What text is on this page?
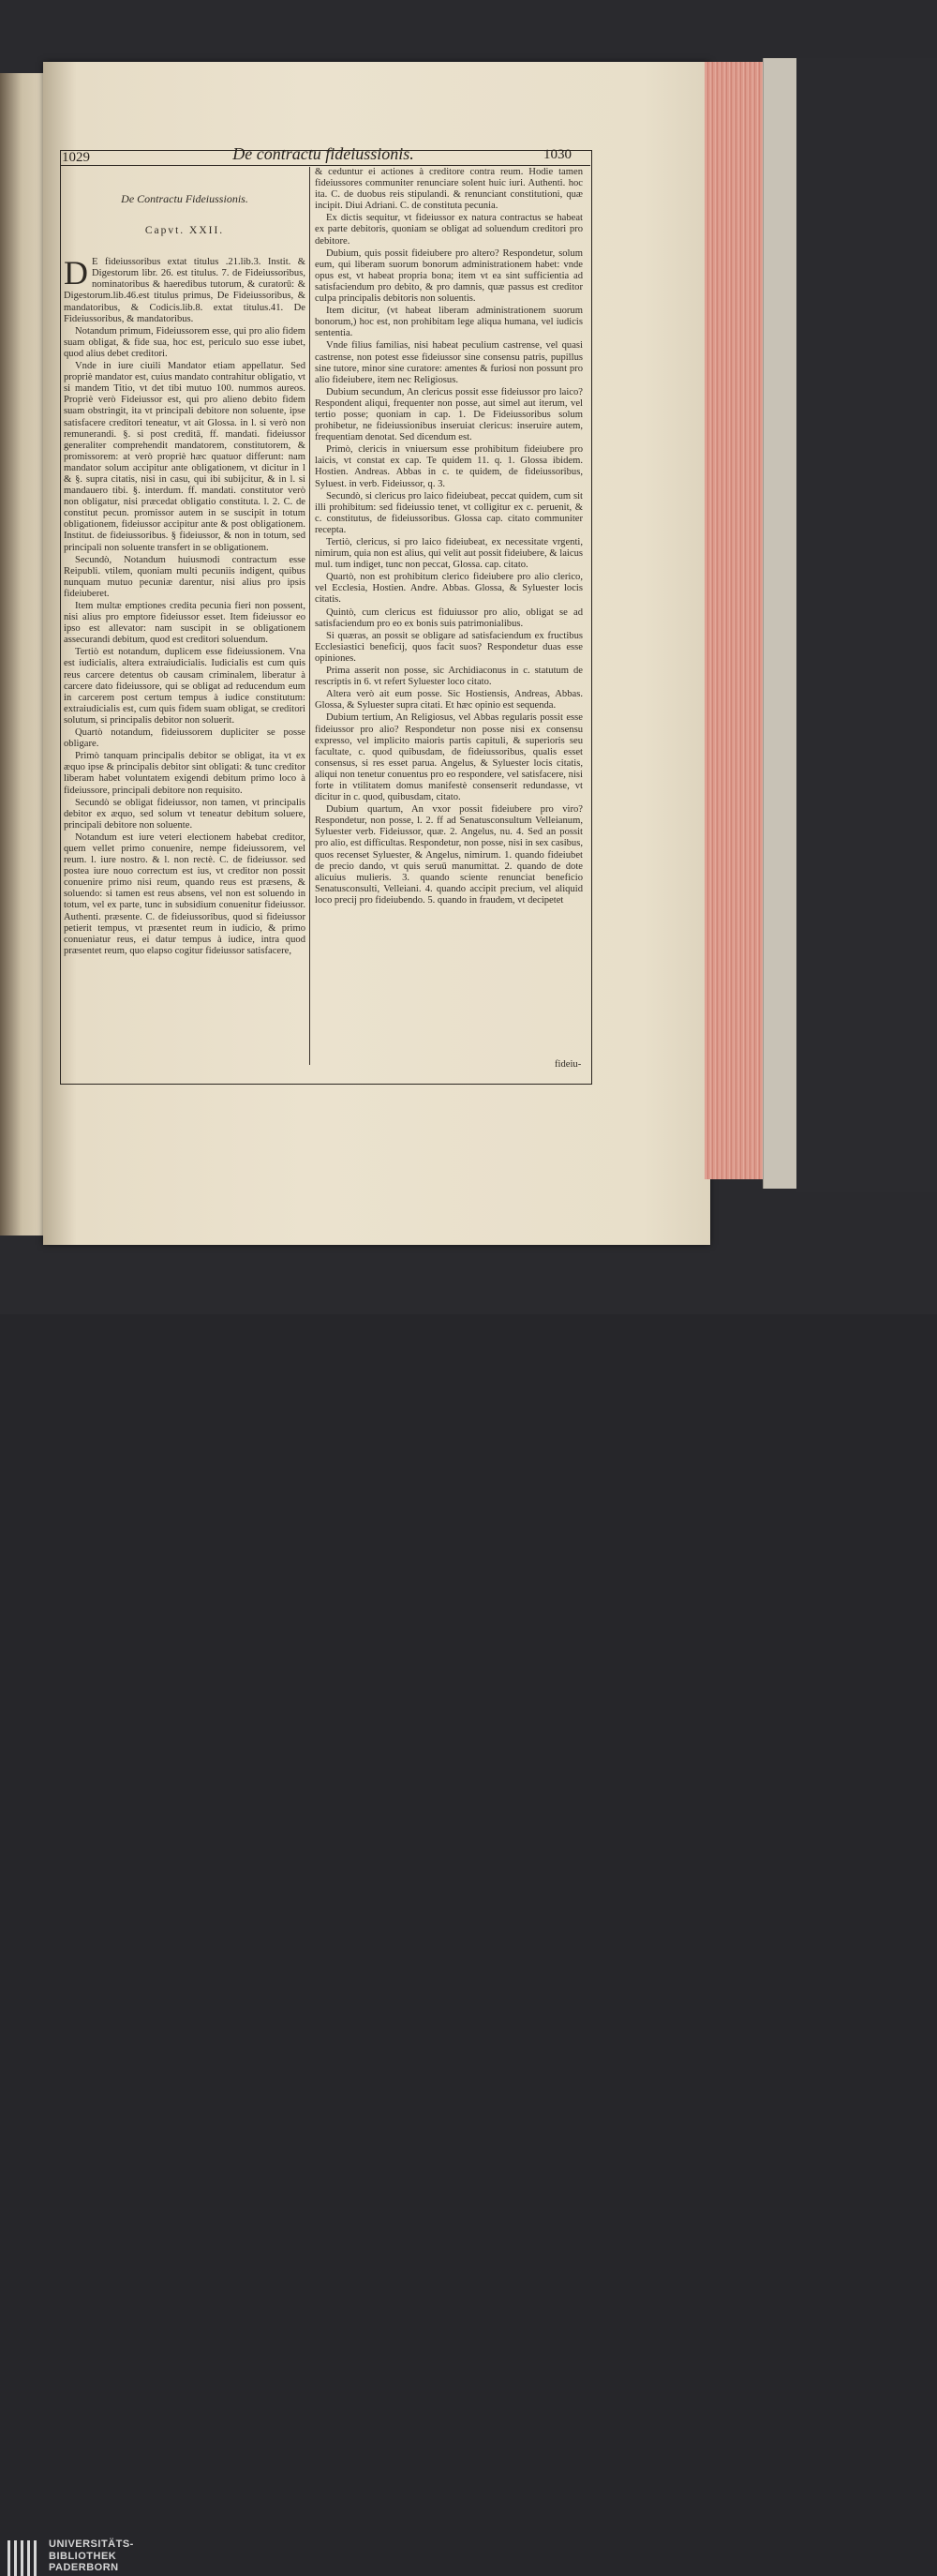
1029	De contractu fideiussionis.	1030
De Contractu Fideiussionis.
Capvt. XXII.

D E fideiussoribus extat titulus .21.lib.3. Instit. & Digestorum libr. 26. est titulus. 7. de Fideiussoribus, nominatoribus & haeredibus tutorum, & curatorū: & Digestorum.lib.46.est titulus primus, De Fideiussoribus, & mandatoribus, & Codicis.lib.8. extat titulus.41. De Fideiussoribus, & mandatoribus.

Notandum primum, Fideiussorem esse, qui pro alio fidem suam obligat, & fide sua, hoc est, periculo suo esse iubet, quod alius debet creditori.

Vnde in iure ciuili Mandator etiam appellatur. Sed propriè mandator est, cuius mandato contrahitur obligatio, vt si mandem Titio, vt det tibi mutuo 100. nummos aureos. Propriè verò Fideiussor est, qui pro alieno debito fidem suam obstringit, ita vt principali debitore non soluente, ipse satisfacere creditori teneatur, vt ait Glossa. in l. si verò non remunerandi. §. si post creditā, ff. mandati. fideiussor generaliter comprehendit mandatorem, constitutorem, & promissorem: at verò propriè hæc quatuor differunt: nam mandator solum accipitur ante obligationem, vt dicitur in l & §. supra citatis, nisi in casu, qui ibi subijcitur, & in l. si mandauero tibi. §. interdum. ff. mandati. constitutor verò non obligatur, nisi præcedat obligatio constituta. l. 2. C. de constitut pecun. promissor autem in se suscipit in totum obligationem, fideiussor accipitur ante & post obligationem. Institut. de fideiussoribus. § fideiussor, & non in totum, sed principali non soluente transfert in se obligationem.

Secundò, Notandum huiusmodi contractum esse Reipubli. vtilem, quoniam multi pecuniis indigent, quibus nunquam mutuo pecuniæ darentur, nisi alius pro ipsis fideiuberet.

Item multæ emptiones credita pecunia fieri non possent, nisi alius pro emptore fideiussor esset. Item fideiussor eo ipso est allevator: nam suscipit in se obligationem assecurandi debitum, quod est creditori soluendum.

Tertiò est notandum, duplicem esse fideiussionem. Vna est iudicialis, altera extraiudicialis. Iudicialis est cum quis reus carcere detentus ob causam criminalem, liberatur à carcere dato fideiussore, qui se obligat ad reducendum eum in carcerem post certum tempus à iudice constitutum: extraiudicialis est, cum quis fidem suam obligat, se creditori solutum, si principalis debitor non soluerit.

Quartò notandum, fideiussorem dupliciter se posse obligare.

Primò tanquam principalis debitor se obligat, ita vt ex æquo ipse & principalis debitor sint obligati: & tunc creditor liberam habet voluntatem exigendi debitum primo loco à fideiussore, principali debitore non requisito.

Secundò se obligat fideiussor, non tamen, vt principalis debitor ex æquo, sed solum vt teneatur debitum soluere, principali debitore non soluente.

Notandum est iure veteri electionem habebat creditor, quem vellet primo conuenire, nempe fideiussorem, vel reum. l. iure nostro. & l. non rectè. C. de fideiussor. sed postea iure nouo correctum est ius, vt creditor non possit conuenire primo nisi reum, quando reus est præsens, & soluendo: si tamen est reus absens, vel non est soluendo in totum, vel ex parte, tunc in subsidium conuenitur fideiussor. Authenti. præsente. C. de fideiussoribus, quod si fideiussor petierit tempus, vt præsentet reum in iudicio, & primo conueniatur reus, ei datur tempus à iudice, intra quod præsentet reum, quo elapso cogitur fideiussor satisfacere,

& ceduntur ei actiones à creditore contra reum. Hodie tamen fideiussores communiter renunciare solent huic iuri. Authenti. hoc ita. C. de duobus reis stipulandi. & renunciant constitutioni, quæ incipit. Diui Adriani. C. de constituta pecunia.

Ex dictis sequitur, vt fideiussor ex natura contractus se habeat ex parte debitoris, quoniam se obligat ad soluendum creditori pro debitore.

Dubium, quis possit fideiubere pro altero? Respondetur, solum eum, qui liberam suorum bonorum administrationem habet: vnde opus est, vt habeat propria bona; item vt ea sint sufficientia ad satisfaciendum pro debito, & pro damnis, quæ passus est creditor culpa principalis debitoris non soluentis.

Item dicitur, (vt habeat liberam administrationem suorum bonorum,) hoc est, non prohibitam lege aliqua humana, vel iudicis sententia.

Vnde filius familias, nisi habeat peculium castrense, vel quasi castrense, non potest esse fideiussor sine consensu patris, pupillus sine tutore, minor sine curatore: amentes & furiosi non possunt pro alio fideiubere, item nec Religiosus.

Dubium secundum, An clericus possit esse fideiussor pro laico? Respondent aliqui, frequenter non posse, aut simel aut iterum, vel tertio posse; quoniam in cap. 1. De Fideiussoribus solum prohibetur, ne fideiussionibus inseruiat clericus: inseruire autem, frequentiam denotat. Sed dicendum est.

Primò, clericis in vniuersum esse prohibitum fideiubere pro laicis, vt constat ex cap. Te quidem 11. q. 1. Glossa ibidem. Hostien. Andreas. Abbas in c. te quidem, de fideiussoribus, Syluest. in verb. Fideiussor, q. 3.

Secundò, si clericus pro laico fideiubeat, peccat quidem, cum sit illi prohibitum: sed fideiussio tenet, vt colligitur ex c. peruenit, & c. constitutus, de fideiussoribus. Glossa cap. citato communiter recepta.

Tertiò, clericus, si pro laico fideiubeat, ex necessitate vrgenti, nimirum, quia non est alius, qui velit aut possit fideiubere, & laicus mul. tum indiget, tunc non peccat, Glossa. cap. citato.

Quartò, non est prohibitum clerico fideiubere pro alio clerico, vel Ecclesia, Hostien. Andre. Abbas. Glossa, & Syluester locis citatis.

Quintò, cum clericus est fiduiussor pro alio, obligat se ad satisfaciendum pro eo ex bonis suis patrimonialibus.

Si quæras, an possit se obligare ad satisfaciendum ex fructibus Ecclesiastici beneficij, quos facit suos? Respondetur duas esse opiniones.

Prima asserit non posse, sic Archidiaconus in c. statutum de rescriptis in 6. vt refert Syluester loco citato.

Altera verò ait eum posse. Sic Hostiensis, Andreas, Abbas. Glossa, & Syluester supra citati. Et hæc opinio est sequenda.

Dubium tertium, An Religiosus, vel Abbas regularis possit esse fideiussor pro alio? Respondetur non posse nisi ex consensu expresso, vel implicito maioris partis capituli, & superioris seu facultate, c. quod quibusdam, de fideiussoribus, qualis esset consensus, si res esset parua. Angelus, & Syluester locis citatis, aliqui non tenetur conuentus pro eo respondere, vel satisfacere, nisi forte in vtilitatem domus manifestè consenserit redundasse, vt dicitur in c. quod, quibusdam, citato.

Dubium quartum, An vxor possit fideiubere pro viro? Respondetur, non posse, l. 2. ff ad Senatusconsultum Velleianum, Syluester verb. Fideiussor, quæ. 2. Angelus, nu. 4. Sed an possit pro alio, est difficultas. Respondetur, non posse, nisi in sex casibus, quos recenset Syluester, & Angelus, nimirum. 1. quando fideiubet de precio dando, vt quis seruū manumittat. 2. quando de dote alicuius mulieris. 3. quando sciente renunciat beneficio Senatusconsulti, Velleiani. 4. quando accipit precium, vel aliquid loco precij pro fideiubendo. 5. quando in fraudem, vt decipetet

fideiu-
UNIVERSITÄTS-
BIBLIOTHEK
PADERBORN
